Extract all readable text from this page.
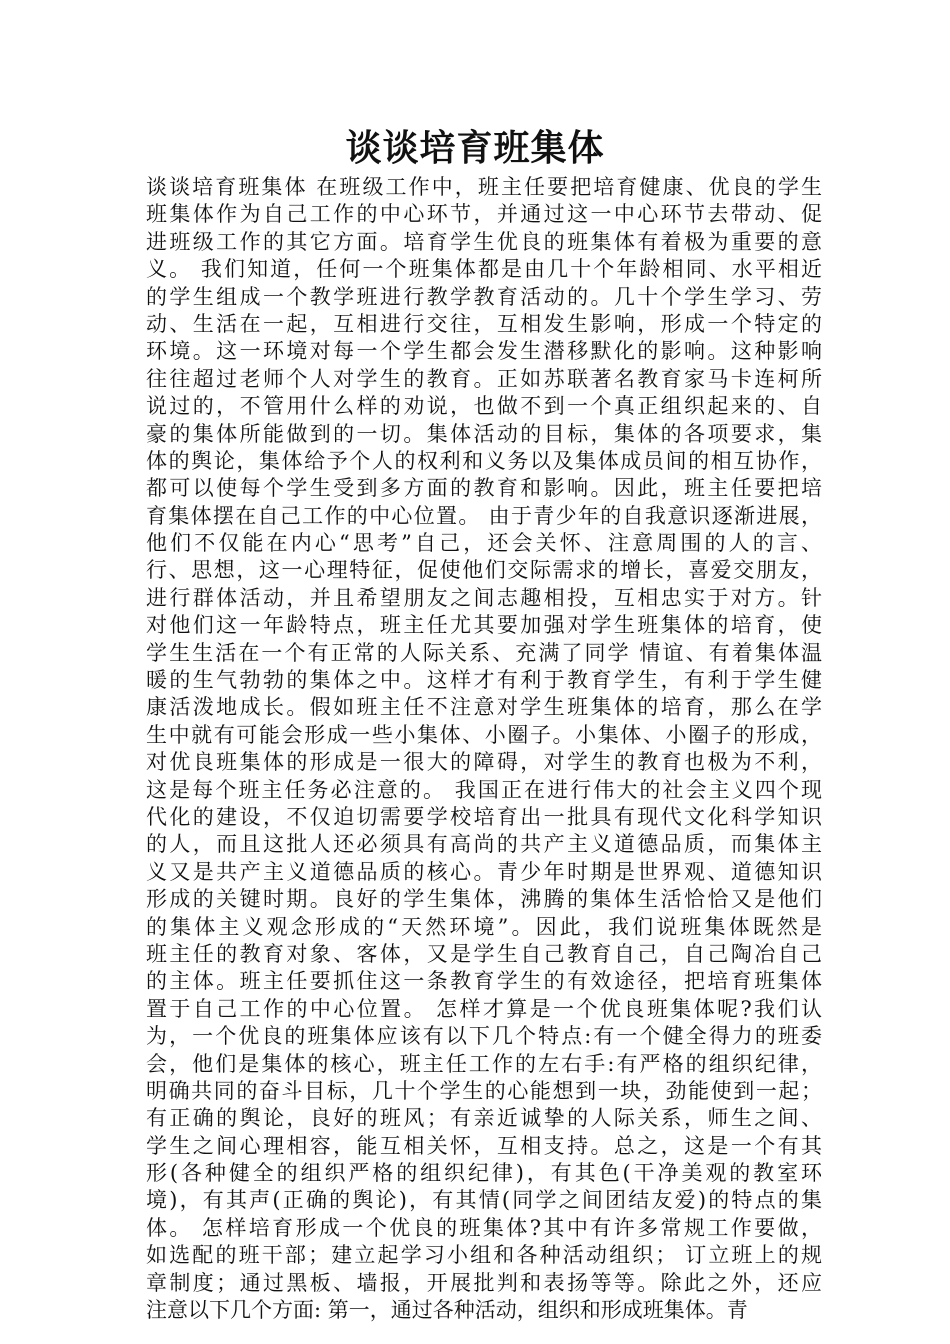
谈谈培育班集体
谈谈培育班集体 在班级工作中，班主任要把培育健康、优良的学生
班集体作为自己工作的中心环节，并通过这一中心环节去带动、促
进班级工作的其它方面。培育学生优良的班集体有着极为重要的意
义。 我们知道，任何一个班集体都是由几十个年龄相同、水平相近
的学生组成一个教学班进行教学教育活动的。几十个学生学习、劳
动、生活在一起，互相进行交往，互相发生影响，形成一个特定的
环境。这一环境对每一个学生都会发生潜移默化的影响。这种影响
往往超过老师个人对学生的教育。正如苏联著名教育家马卡连柯所
说过的，不管用什么样的劝说，也做不到一个真正组织起来的、自
豪的集体所能做到的一切。集体活动的目标，集体的各项要求，集
体的舆论，集体给予个人的权利和义务以及集体成员间的相互协作，
都可以使每个学生受到多方面的教育和影响。因此，班主任要把培
育集体摆在自己工作的中心位置。 由于青少年的自我意识逐渐进展，
他们不仅能在内心“思考”自己，还会关怀、注意周围的人的言、
行、思想，这一心理特征，促使他们交际需求的增长，喜爱交朋友，
进行群体活动，并且希望朋友之间志趣相投，互相忠实于对方。针
对他们这一年龄特点，班主任尤其要加强对学生班集体的培育，使
学生生活在一个有正常的人际关系、充满了同学 情谊、有着集体温
暖的生气勃勃的集体之中。这样才有利于教育学生，有利于学生健
康活泼地成长。假如班主任不注意对学生班集体的培育，那么在学
生中就有可能会形成一些小集体、小圈子。小集体、小圈子的形成，
对优良班集体的形成是一很大的障碍，对学生的教育也极为不利，
这是每个班主任务必注意的。 我国正在进行伟大的社会主义四个现
代化的建设，不仅迫切需要学校培育出一批具有现代文化科学知识
的人，而且这批人还必须具有高尚的共产主义道德品质，而集体主
义又是共产主义道德品质的核心。青少年时期是世界观、道德知识
形成的关键时期。良好的学生集体，沸腾的集体生活恰恰又是他们
的集体主义观念形成的“天然环境”。因此，我们说班集体既然是
班主任的教育对象、客体，又是学生自己教育自己，自己陶冶自己
的主体。班主任要抓住这一条教育学生的有效途径，把培育班集体
置于自己工作的中心位置。 怎样才算是一个优良班集体呢?我们认
为，一个优良的班集体应该有以下几个特点:有一个健全得力的班委
会，他们是集体的核心，班主任工作的左右手:有严格的组织纪律，
明确共同的奋斗目标，几十个学生的心能想到一块，劲能使到一起；
有正确的舆论，良好的班风；有亲近诚挚的人际关系，师生之间、
学生之间心理相容，能互相关怀，互相支持。总之，这是一个有其
形(各种健全的组织严格的组织纪律)，有其色(干净美观的教室环
境)，有其声(正确的舆论)，有其情(同学之间团结友爱)的特点的集
体。 怎样培育形成一个优良的班集体?其中有许多常规工作要做，
如选配的班干部；建立起学习小组和各种活动组织； 订立班上的规
章制度；通过黑板、墙报，开展批判和表扬等等。除此之外，还应
注意以下几个方面: 第一，通过各种活动，组织和形成班集体。青
